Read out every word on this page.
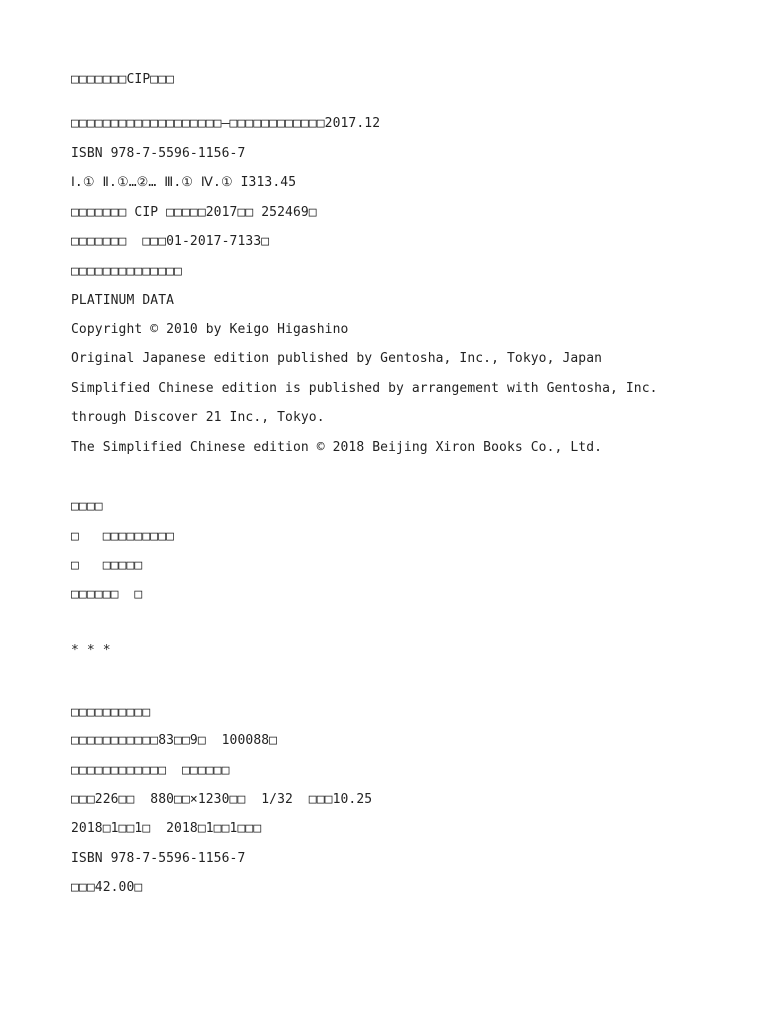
□□□□□□□CIP□□□
□□□□□□□□□□□□□□□□□□□—□□□□□□□□□□□□2017.12
ISBN 978-7-5596-1156-7
Ⅰ.① Ⅱ.①…②… Ⅲ.① Ⅳ.① I313.45
□□□□□□□ CIP □□□□□2017□□ 252469□
□□□□□□□  □□□01-2017-7133□
□□□□□□□□□□□□□□
PLATINUM DATA
Copyright © 2010 by Keigo Higashino
Original Japanese edition published by Gentosha, Inc., Tokyo, Japan
Simplified Chinese edition is published by arrangement with Gentosha, Inc.
through Discover 21 Inc., Tokyo.
The Simplified Chinese edition © 2018 Beijing Xiron Books Co., Ltd.
□□□□
□   □□□□□□□□□
□   □□□□□
□□□□□□  □
* * *
□□□□□□□□□□
□□□□□□□□□□□83□□9□  100088□
□□□□□□□□□□□□  □□□□□□
□□□226□□  880□□×1230□□  1/32  □□□10.25
2018□1□□1□  2018□1□□1□□□
ISBN 978-7-5596-1156-7
□□□42.00□
